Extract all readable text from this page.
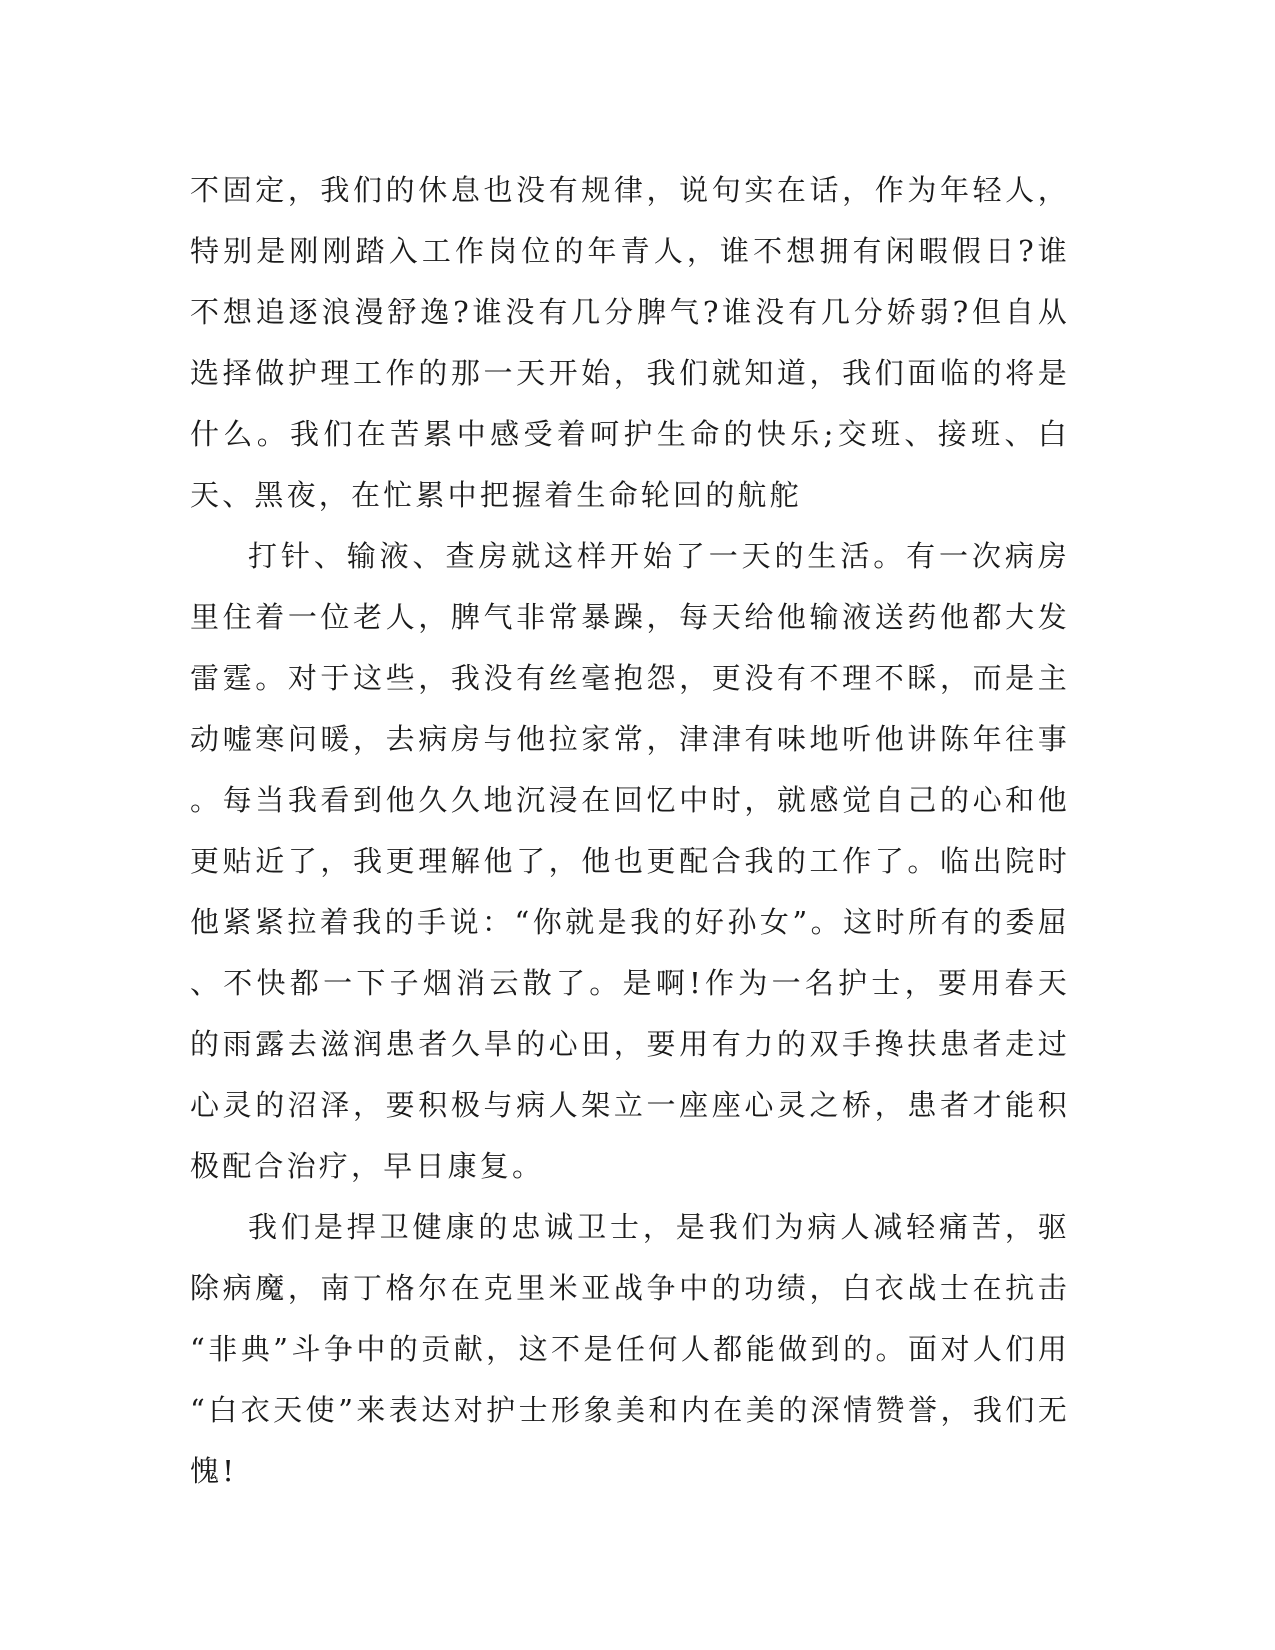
不固定，我们的休息也没有规律，说句实在话，作为年轻人，特别是刚刚踏入工作岗位的年青人，谁不想拥有闲暇假日?谁不想追逐浪漫舒逸?谁没有几分脾气?谁没有几分娇弱?但自从选择做护理工作的那一天开始，我们就知道，我们面临的将是什么。我们在苦累中感受着呵护生命的快乐;交班、接班、白天、黑夜，在忙累中把握着生命轮回的航舵

打针、输液、查房就这样开始了一天的生活。有一次病房里住着一位老人，脾气非常暴躁，每天给他输液送药他都大发雷霆。对于这些，我没有丝毫抱怨，更没有不理不睬，而是主动嘘寒问暖，去病房与他拉家常，津津有味地听他讲陈年往事。每当我看到他久久地沉浸在回忆中时，就感觉自己的心和他更贴近了，我更理解他了，他也更配合我的工作了。临出院时他紧紧拉着我的手说：“你就是我的好孙女”。这时所有的委屈、不快都一下子烟消云散了。是啊!作为一名护士，要用春天的雨露去滋润患者久旱的心田，要用有力的双手搀扶患者走过心灵的沼泽，要积极与病人架立一座座心灵之桥，患者才能积极配合治疗，早日康复。

我们是捍卫健康的忠诚卫士，是我们为病人减轻痛苦，驱除病魔，南丁格尔在克里米亚战争中的功绩，白衣战士在抗击“非典”斗争中的贡献，这不是任何人都能做到的。面对人们用“白衣天使”来表达对护士形象美和内在美的深情赞誉，我们无愧!
